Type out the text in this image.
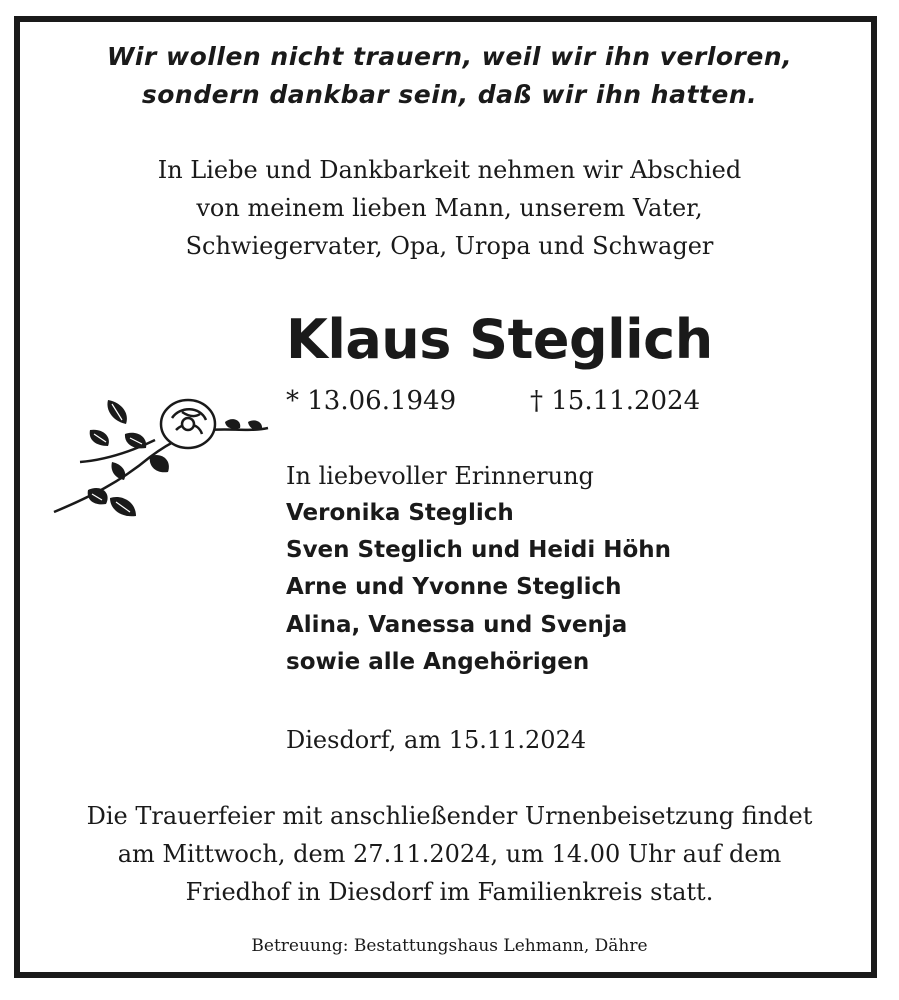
Wir wollen nicht trauern, weil wir ihn verloren,
sondern dankbar sein, daß wir ihn hatten.
In Liebe und Dankbarkeit nehmen wir Abschied
von meinem lieben Mann, unserem Vater,
Schwiegervater, Opa, Uropa und Schwager
Klaus Steglich
* 13.06.1949	† 15.11.2024
In liebevoller Erinnerung
Veronika Steglich
Sven Steglich und Heidi Höhn
Arne und Yvonne Steglich
Alina, Vanessa und Svenja
sowie alle Angehörigen
Diesdorf, am 15.11.2024
Die Trauerfeier mit anschließender Urnenbeisetzung findet
am Mittwoch, dem 27.11.2024, um 14.00 Uhr auf dem
Friedhof in Diesdorf im Familienkreis statt.
Betreuung: Bestattungshaus Lehmann, Dähre
